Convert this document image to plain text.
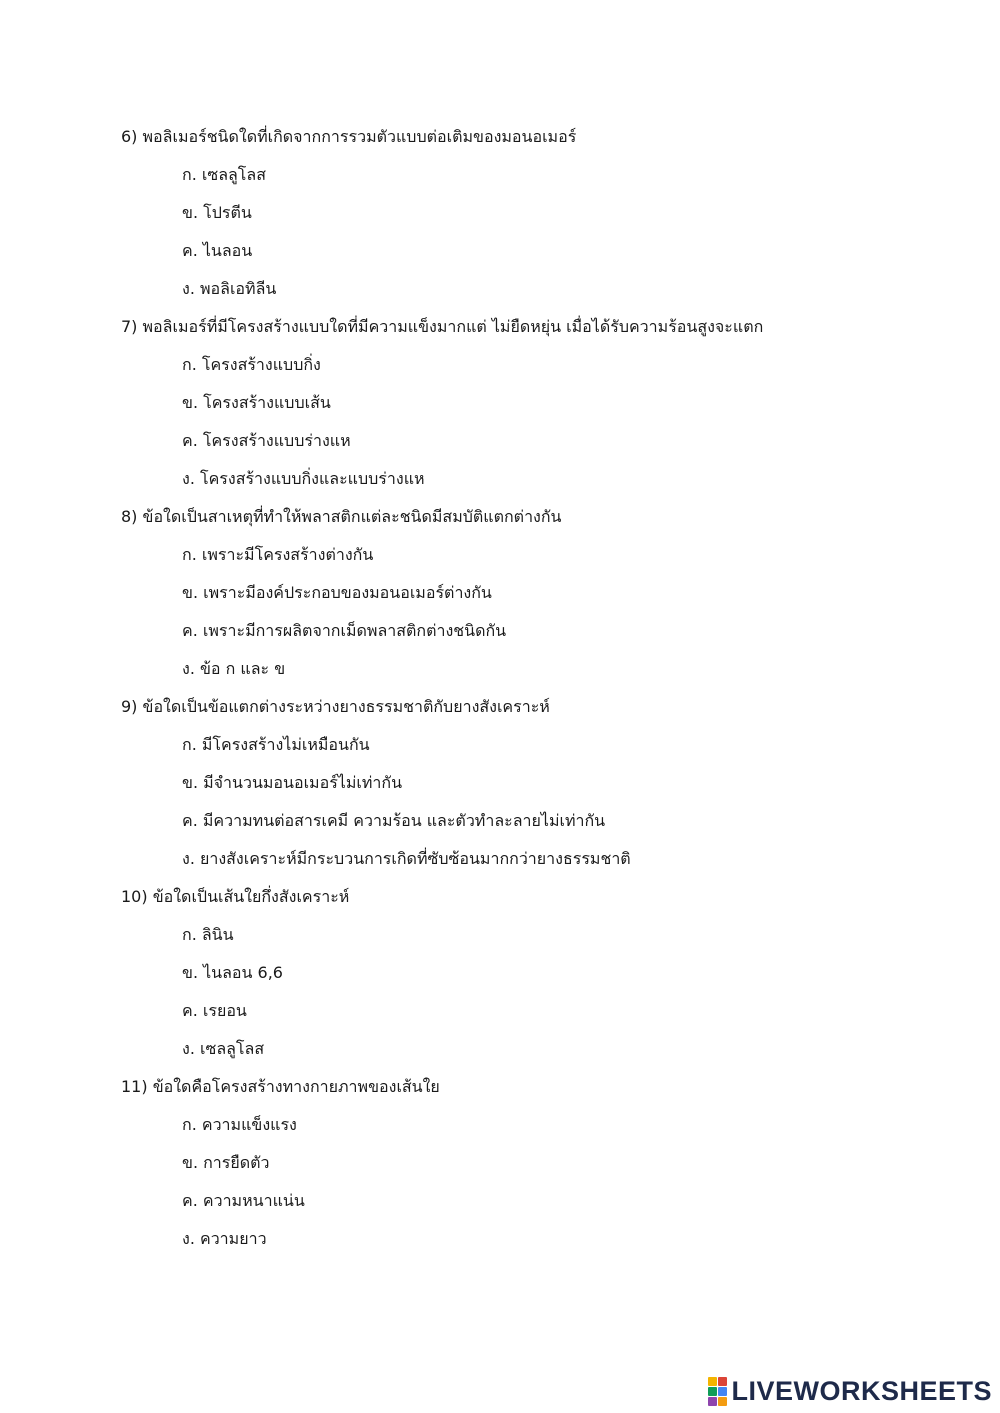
6) พอลิเมอร์ชนิดใดที่เกิดจากการรวมตัวแบบต่อเติมของมอนอเมอร์
ก. เซลลูโลส
ข. โปรตีน
ค. ไนลอน
ง. พอลิเอทิลีน
7) พอลิเมอร์ที่มีโครงสร้างแบบใดที่มีความแข็งมากแต่ ไม่ยืดหยุ่น เมื่อได้รับความร้อนสูงจะแตก
ก. โครงสร้างแบบกิ่ง
ข. โครงสร้างแบบเส้น
ค. โครงสร้างแบบร่างแห
ง. โครงสร้างแบบกิ่งและแบบร่างแห
8) ข้อใดเป็นสาเหตุที่ทำให้พลาสติกแต่ละชนิดมีสมบัติแตกต่างกัน
ก. เพราะมีโครงสร้างต่างกัน
ข. เพราะมีองค์ประกอบของมอนอเมอร์ต่างกัน
ค. เพราะมีการผลิตจากเม็ดพลาสติกต่างชนิดกัน
ง. ข้อ ก และ ข
9) ข้อใดเป็นข้อแตกต่างระหว่างยางธรรมชาติกับยางสังเคราะห์
ก. มีโครงสร้างไม่เหมือนกัน
ข. มีจำนวนมอนอเมอร์ไม่เท่ากัน
ค. มีความทนต่อสารเคมี ความร้อน และตัวทำละลายไม่เท่ากัน
ง. ยางสังเคราะห์มีกระบวนการเกิดที่ซับซ้อนมากกว่ายางธรรมชาติ
10) ข้อใดเป็นเส้นใยกึ่งสังเคราะห์
ก. ลินิน
ข. ไนลอน 6,6
ค. เรยอน
ง. เซลลูโลส
11) ข้อใดคือโครงสร้างทางกายภาพของเส้นใย
ก. ความแข็งแรง
ข. การยืดตัว
ค. ความหนาแน่น
ง. ความยาว
LIVEWORKSHEETS
